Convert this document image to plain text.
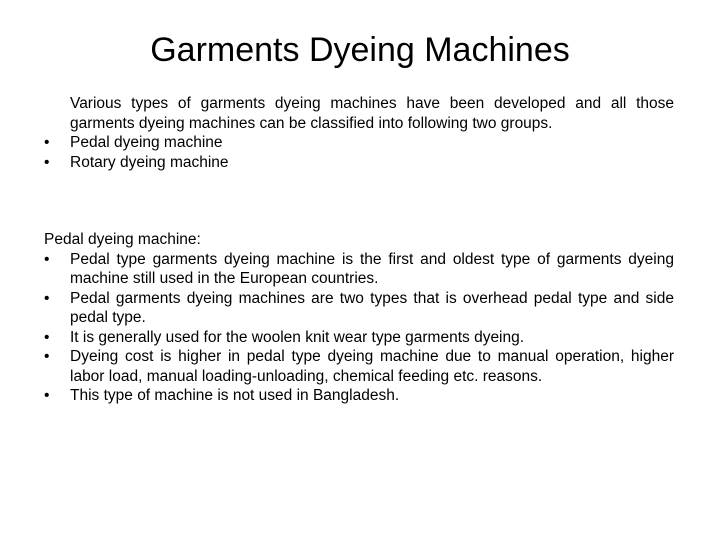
Garments Dyeing Machines

Various types of garments dyeing machines have been developed and all those garments dyeing machines can be classified into following two groups.

•	Pedal dyeing machine
•	Rotary dyeing machine

Pedal dyeing machine:

•	Pedal type garments dyeing machine is the first and oldest type of garments dyeing machine still used in the European countries.
•	Pedal garments dyeing machines are two types that is overhead pedal type and side pedal type.
•	It is generally used for the woolen knit wear type garments dyeing.
•	Dyeing cost is higher in pedal type dyeing machine due to manual operation, higher labor load, manual loading-unloading, chemical feeding etc. reasons.
•	This type of machine is not used in Bangladesh.
